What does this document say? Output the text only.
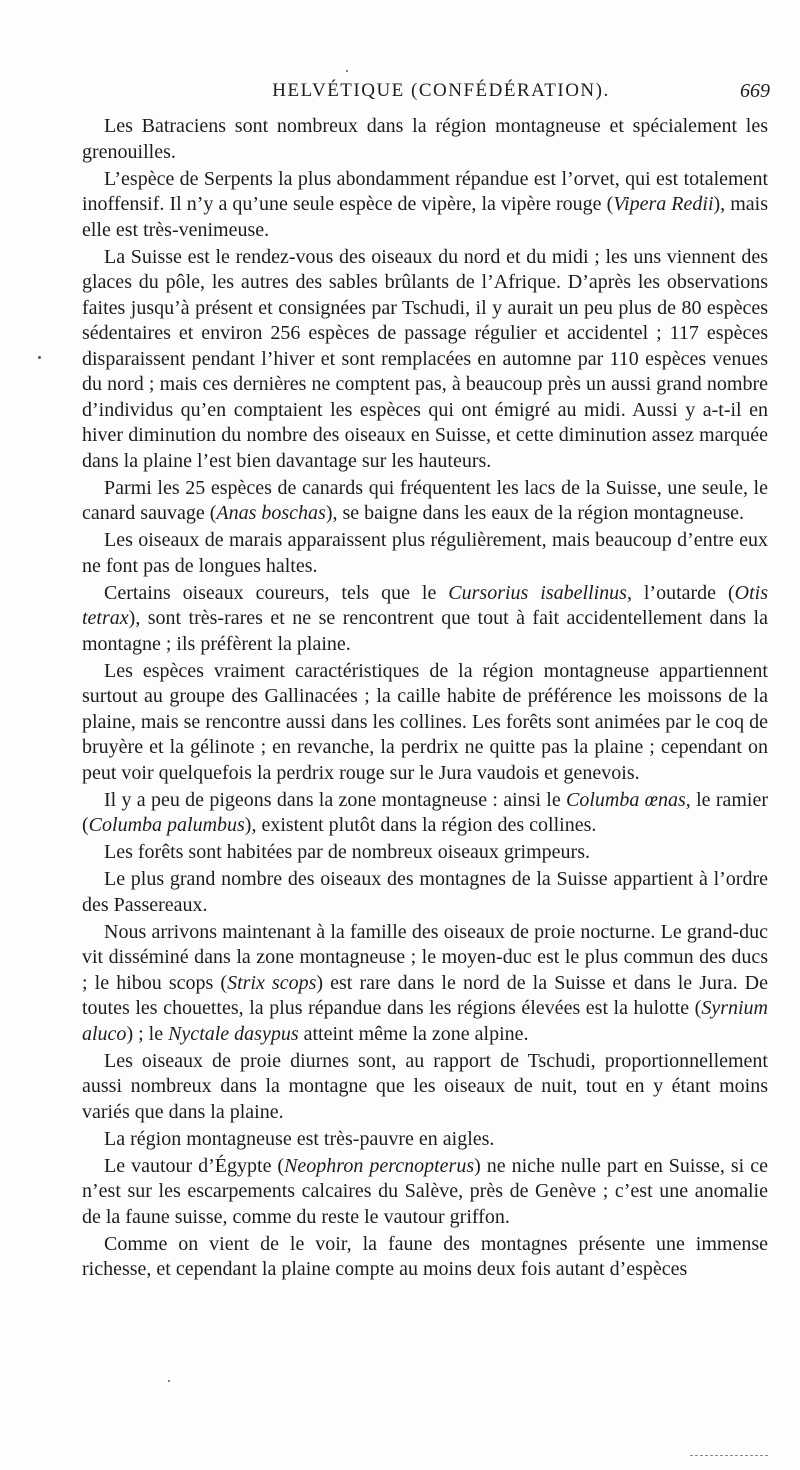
HELVÉTIQUE (CONFÉDÉRATION).	669

Les Batraciens sont nombreux dans la région montagneuse et spécialement les grenouilles.

L’espèce de Serpents la plus abondamment répandue est l’orvet, qui est totalement inoffensif. Il n’y a qu’une seule espèce de vipère, la vipère rouge (Vipera Redii), mais elle est très-venimeuse.

La Suisse est le rendez-vous des oiseaux du nord et du midi ; les uns viennent des glaces du pôle, les autres des sables brûlants de l’Afrique. D’après les observations faites jusqu’à présent et consignées par Tschudi, il y aurait un peu plus de 80 espèces sédentaires et environ 256 espèces de passage régulier et accidentel ; 117 espèces disparaissent pendant l’hiver et sont remplacées en automne par 110 espèces venues du nord ; mais ces dernières ne comptent pas, à beaucoup près un aussi grand nombre d’individus qu’en comptaient les espèces qui ont émigré au midi. Aussi y a-t-il en hiver diminution du nombre des oiseaux en Suisse, et cette diminution assez marquée dans la plaine l’est bien davantage sur les hauteurs.

Parmi les 25 espèces de canards qui fréquentent les lacs de la Suisse, une seule, le canard sauvage (Anas boschas), se baigne dans les eaux de la région montagneuse.

Les oiseaux de marais apparaissent plus régulièrement, mais beaucoup d’entre eux ne font pas de longues haltes.

Certains oiseaux coureurs, tels que le Cursorius isabellinus, l’outarde (Otis tetrax), sont très-rares et ne se rencontrent que tout à fait accidentellement dans la montagne ; ils préfèrent la plaine.

Les espèces vraiment caractéristiques de la région montagneuse appartiennent surtout au groupe des Gallinacées ; la caille habite de préférence les moissons de la plaine, mais se rencontre aussi dans les collines. Les forêts sont animées par le coq de bruyère et la gélinote ; en revanche, la perdrix ne quitte pas la plaine ; cependant on peut voir quelquefois la perdrix rouge sur le Jura vaudois et genevois.

Il y a peu de pigeons dans la zone montagneuse : ainsi le Columba œnas, le ramier (Columba palumbus), existent plutôt dans la région des collines.

Les forêts sont habitées par de nombreux oiseaux grimpeurs.

Le plus grand nombre des oiseaux des montagnes de la Suisse appartient à l’ordre des Passereaux.

Nous arrivons maintenant à la famille des oiseaux de proie nocturne. Le grand-duc vit disséminé dans la zone montagneuse ; le moyen-duc est le plus commun des ducs ; le hibou scops (Strix scops) est rare dans le nord de la Suisse et dans le Jura. De toutes les chouettes, la plus répandue dans les régions élevées est la hulotte (Syrnium aluco) ; le Nyctale dasypus atteint même la zone alpine.

Les oiseaux de proie diurnes sont, au rapport de Tschudi, proportionnellement aussi nombreux dans la montagne que les oiseaux de nuit, tout en y étant moins variés que dans la plaine.

La région montagneuse est très-pauvre en aigles.

Le vautour d’Égypte (Neophron percnopterus) ne niche nulle part en Suisse, si ce n’est sur les escarpements calcaires du Salève, près de Genève ; c’est une anomalie de la faune suisse, comme du reste le vautour griffon.

Comme on vient de le voir, la faune des montagnes présente une immense richesse, et cependant la plaine compte au moins deux fois autant d’espèces
